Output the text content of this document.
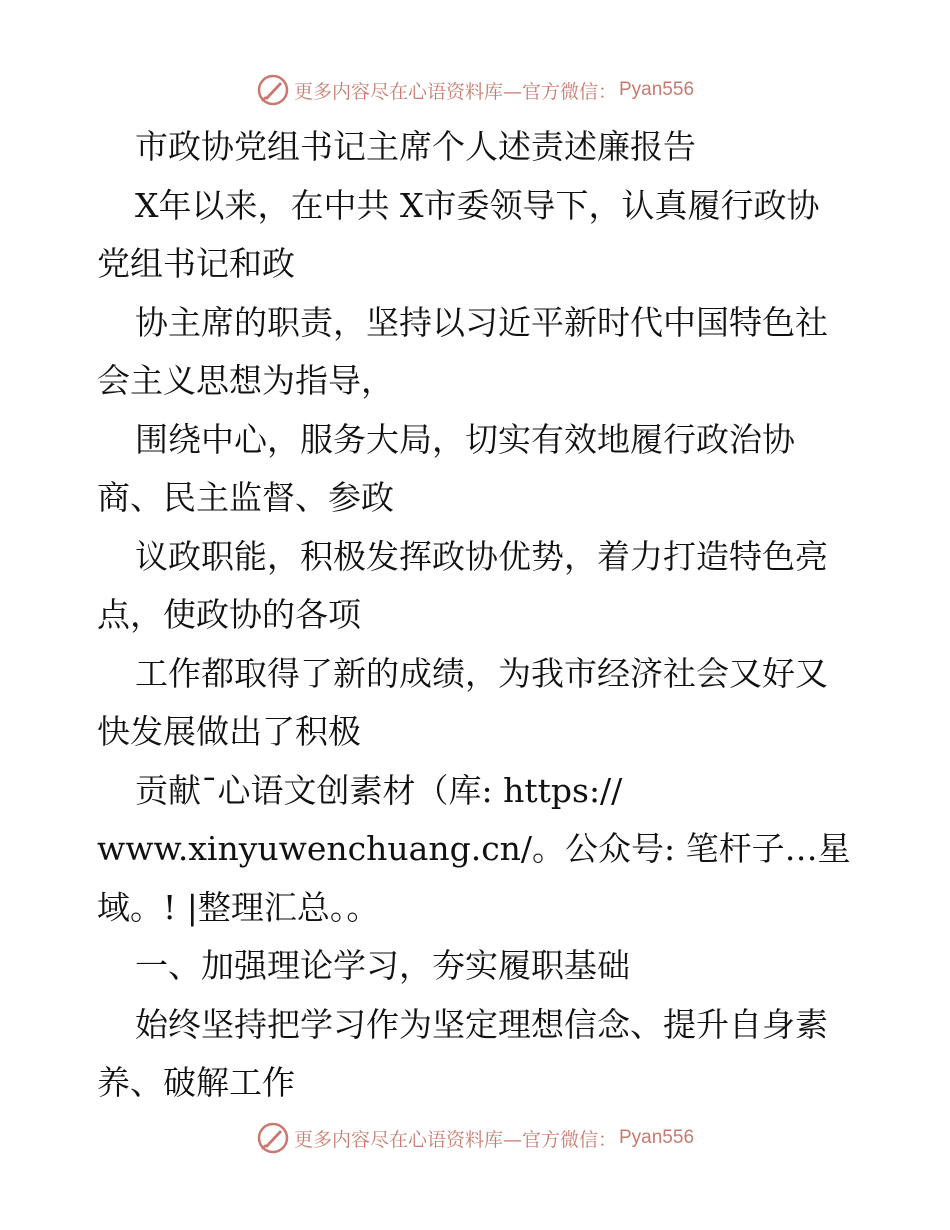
更多内容尽在心语资料库—官方微信： Pyan556
市政协党组书记主席个人述责述廉报告
X年以来，在中共 X市委领导下，认真履行政协
党组书记和政
协主席的职责，坚持以习近平新时代中国特色社
会主义思想为指导，
围绕中心，服务大局，切实有效地履行政治协
商、民主监督、参政
议政职能，积极发挥政协优势，着力打造特色亮
点，使政协的各项
工作都取得了新的成绩，为我市经济社会又好又
快发展做出了积极
贡献¯心语文创素材（库: https://
www.xinyuwenchuang.cn/。公众号: 笔杆子…星
域。! |整理汇总。。
一、加强理论学习，夯实履职基础
始终坚持把学习作为坚定理想信念、提升自身素
养、破解工作
更多内容尽在心语资料库—官方微信： Pyan556
